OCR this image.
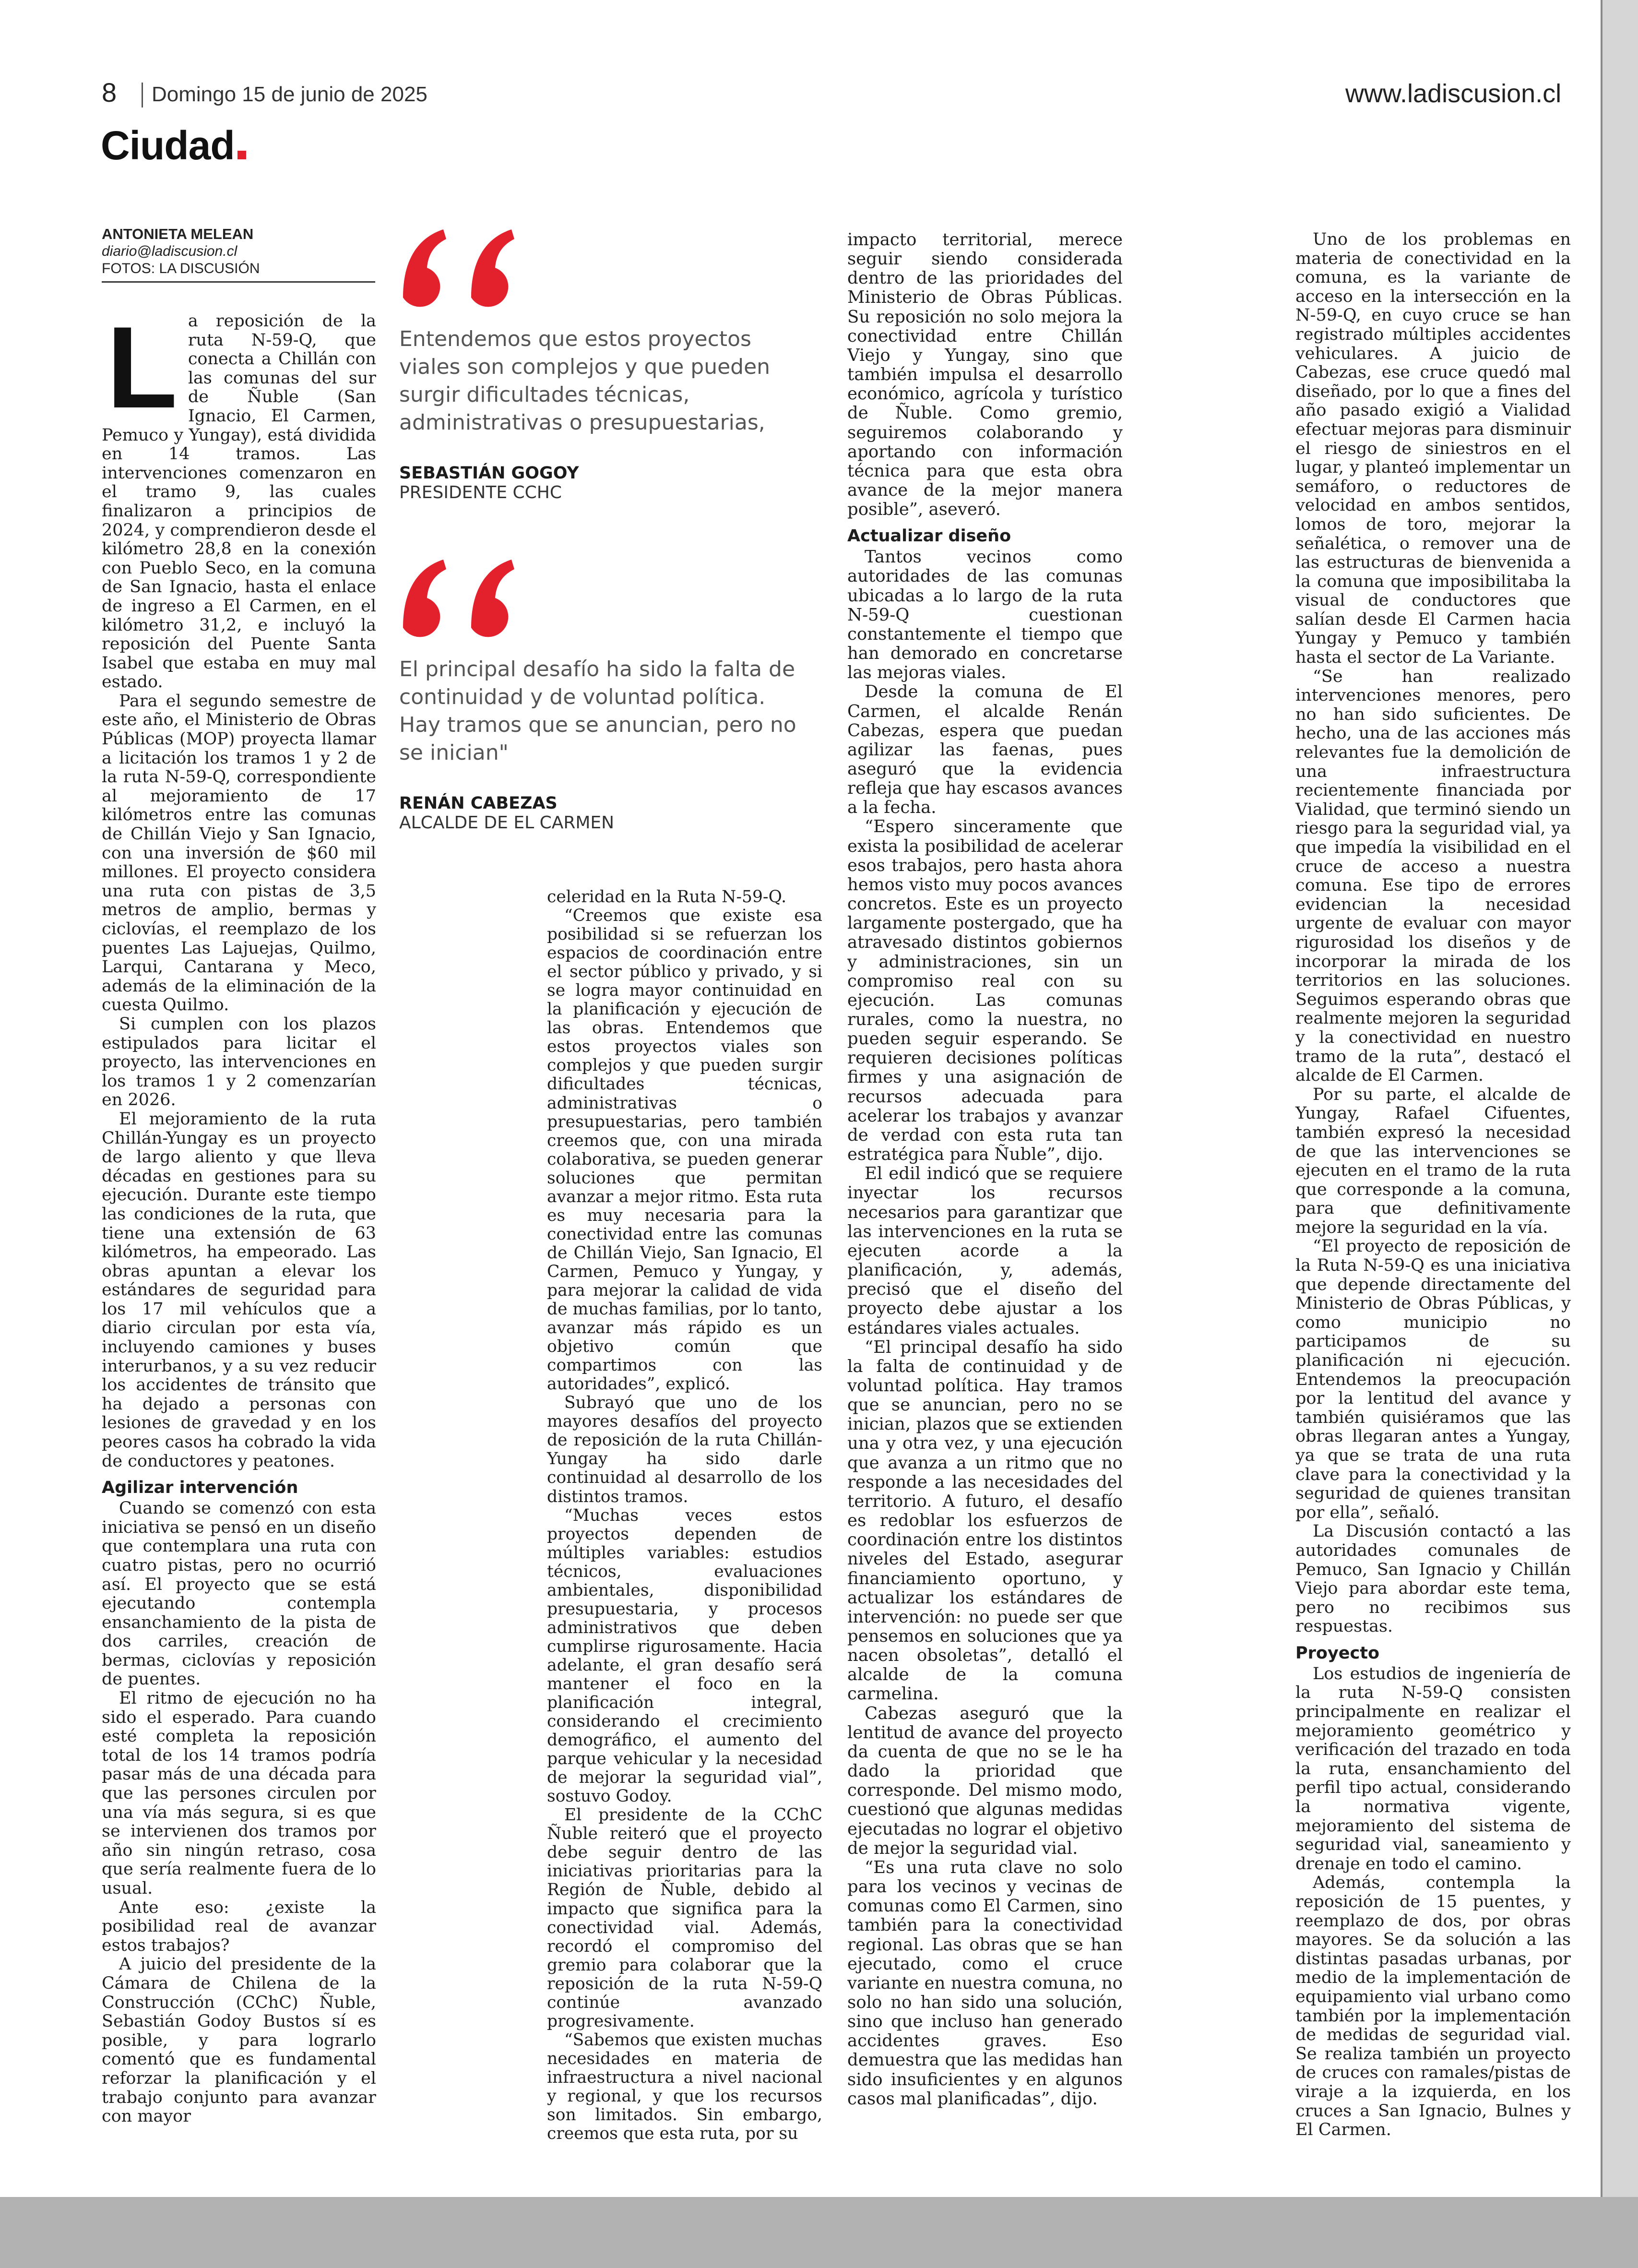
8 Domingo 15 de junio de 2025	www.ladiscusion.cl
Ciudad
ANTONIETA MELEAN
diario@ladiscusion.cl
FOTOS: LA DISCUSIÓN
L a reposición de la ruta N-59-Q, que conecta a Chillán con las comunas del sur de Ñuble (San Ignacio, El Carmen, Pemuco y Yungay), está dividida en 14 tramos. Las intervenciones comenzaron en el tramo 9, las cuales finalizaron a principios de 2024, y comprendieron desde el kilómetro 28,8 en la conexión con Pueblo Seco, en la comuna de San Ignacio, hasta el enlace de ingreso a El Carmen, en el kilómetro 31,2, e incluyó la reposición del Puente Santa Isabel que estaba en muy mal estado.

Para el segundo semestre de este año, el Ministerio de Obras Públicas (MOP) proyecta llamar a licitación los tramos 1 y 2 de la ruta N-59-Q, correspondiente al mejoramiento de 17 kilómetros entre las comunas de Chillán Viejo y San Ignacio, con una inversión de $60 mil millones. El proyecto considera una ruta con pistas de 3,5 metros de amplio, bermas y ciclovías, el reemplazo de los puentes Las Lajuejas, Quilmo, Larqui, Cantarana y Meco, además de la eliminación de la cuesta Quilmo.

Si cumplen con los plazos estipulados para licitar el proyecto, las intervenciones en los tramos 1 y 2 comenzarían en 2026.

El mejoramiento de la ruta Chillán-Yungay es un proyecto de largo aliento y que lleva décadas en gestiones para su ejecución. Durante este tiempo las condiciones de la ruta, que tiene una extensión de 63 kilómetros, ha empeorado. Las obras apuntan a elevar los estándares de seguridad para los 17 mil vehículos que a diario circulan por esta vía, incluyendo camiones y buses interurbanos, y a su vez reducir los accidentes de tránsito que ha dejado a personas con lesiones de gravedad y en los peores casos ha cobrado la vida de conductores y peatones.

Agilizar intervención

Cuando se comenzó con esta iniciativa se pensó en un diseño que contemplara una ruta con cuatro pistas, pero no ocurrió así. El proyecto que se está ejecutando contempla ensanchamiento de la pista de dos carriles, creación de bermas, ciclovías y reposición de puentes.

El ritmo de ejecución no ha sido el esperado. Para cuando esté completa la reposición total de los 14 tramos podría pasar más de una década para que las persones circulen por una vía más segura, si es que se intervienen dos tramos por año sin ningún retraso, cosa que sería realmente fuera de lo usual.

Ante eso: ¿existe la posibilidad real de avanzar estos trabajos?

A juicio del presidente de la Cámara de Chilena de la Construcción (CChC) Ñuble, Sebastián Godoy Bustos sí es posible, y para lograrlo comentó que es fundamental reforzar la planificación y el trabajo conjunto para avanzar con mayor

Entendemos que estos proyectos viales son complejos y que pueden surgir dificultades técnicas, administrativas o presupuestarias,
SEBASTIÁN GOGOY
PRESIDENTE CCHC
El principal desafío ha sido la falta de continuidad y de voluntad política. Hay tramos que se anuncian, pero no se inician"
RENÁN CABEZAS
ALCALDE DE EL CARMEN

celeridad en la Ruta N-59-Q.

“Creemos que existe esa posibilidad si se refuerzan los espacios de coordinación entre el sector público y privado, y si se logra mayor continuidad en la planificación y ejecución de las obras. Entendemos que estos proyectos viales son complejos y que pueden surgir dificultades técnicas, administrativas o presupuestarias, pero también creemos que, con una mirada colaborativa, se pueden generar soluciones que permitan avanzar a mejor ritmo. Esta ruta es muy necesaria para la conectividad entre las comunas de Chillán Viejo, San Ignacio, El Carmen, Pemuco y Yungay, y para mejorar la calidad de vida de muchas familias, por lo tanto, avanzar más rápido es un objetivo común que compartimos con las autoridades”, explicó.

Subrayó que uno de los mayores desafíos del proyecto de reposición de la ruta Chillán-Yungay ha sido darle continuidad al desarrollo de los distintos tramos.

“Muchas veces estos proyectos dependen de múltiples variables: estudios técnicos, evaluaciones ambientales, disponibilidad presupuestaria, y procesos administrativos que deben cumplirse rigurosamente. Hacia adelante, el gran desafío será mantener el foco en la planificación integral, considerando el crecimiento demográfico, el aumento del parque vehicular y la necesidad de mejorar la seguridad vial”, sostuvo Godoy.

El presidente de la CChC Ñuble reiteró que el proyecto debe seguir dentro de las iniciativas prioritarias para la Región de Ñuble, debido al impacto que significa para la conectividad vial. Además, recordó el compromiso del gremio para colaborar que la reposición de la ruta N-59-Q continúe avanzado progresivamente.

“Sabemos que existen muchas necesidades en materia de infraestructura a nivel nacional y regional, y que los recursos son limitados. Sin embargo, creemos que esta ruta, por su

impacto territorial, merece seguir siendo considerada dentro de las prioridades del Ministerio de Obras Públicas. Su reposición no solo mejora la conectividad entre Chillán Viejo y Yungay, sino que también impulsa el desarrollo económico, agrícola y turístico de Ñuble. Como gremio, seguiremos colaborando y aportando con información técnica para que esta obra avance de la mejor manera posible”, aseveró.

Actualizar diseño

Tantos vecinos como autoridades de las comunas ubicadas a lo largo de la ruta N-59-Q cuestionan constantemente el tiempo que han demorado en concretarse las mejoras viales.

Desde la comuna de El Carmen, el alcalde Renán Cabezas, espera que puedan agilizar las faenas, pues aseguró que la evidencia refleja que hay escasos avances a la fecha.

“Espero sinceramente que exista la posibilidad de acelerar esos trabajos, pero hasta ahora hemos visto muy pocos avances concretos. Este es un proyecto largamente postergado, que ha atravesado distintos gobiernos y administraciones, sin un compromiso real con su ejecución. Las comunas rurales, como la nuestra, no pueden seguir esperando. Se requieren decisiones políticas firmes y una asignación de recursos adecuada para acelerar los trabajos y avanzar de verdad con esta ruta tan estratégica para Ñuble”, dijo.

El edil indicó que se requiere inyectar los recursos necesarios para garantizar que las intervenciones en la ruta se ejecuten acorde a la planificación, y, además, precisó que el diseño del proyecto debe ajustar a los estándares viales actuales.

“El principal desafío ha sido la falta de continuidad y de voluntad política. Hay tramos que se anuncian, pero no se inician, plazos que se extienden una y otra vez, y una ejecución que avanza a un ritmo que no responde a las necesidades del territorio. A futuro, el desafío es redoblar los esfuerzos de coordinación entre los distintos niveles del Estado, asegurar financiamiento oportuno, y actualizar los estándares de intervención: no puede ser que pensemos en soluciones que ya nacen obsoletas”, detalló el alcalde de la comuna carmelina.

Cabezas aseguró que la lentitud de avance del proyecto da cuenta de que no se le ha dado la prioridad que corresponde. Del mismo modo, cuestionó que algunas medidas ejecutadas no lograr el objetivo de mejor la seguridad vial.

“Es una ruta clave no solo para los vecinos y vecinas de comunas como El Carmen, sino también para la conectividad regional. Las obras que se han ejecutado, como el cruce variante en nuestra comuna, no solo no han sido una solución, sino que incluso han generado accidentes graves. Eso demuestra que las medidas han sido insuficientes y en algunos casos mal planificadas”, dijo.

Uno de los problemas en materia de conectividad en la comuna, es la variante de acceso en la intersección en la N-59-Q, en cuyo cruce se han registrado múltiples accidentes vehiculares. A juicio de Cabezas, ese cruce quedó mal diseñado, por lo que a fines del año pasado exigió a Vialidad efectuar mejoras para disminuir el riesgo de siniestros en el lugar, y planteó implementar un semáforo, o reductores de velocidad en ambos sentidos, lomos de toro, mejorar la señalética, o remover una de las estructuras de bienvenida a la comuna que imposibilitaba la visual de conductores que salían desde El Carmen hacia Yungay y Pemuco y también hasta el sector de La Variante.

“Se han realizado intervenciones menores, pero no han sido suficientes. De hecho, una de las acciones más relevantes fue la demolición de una infraestructura recientemente financiada por Vialidad, que terminó siendo un riesgo para la seguridad vial, ya que impedía la visibilidad en el cruce de acceso a nuestra comuna. Ese tipo de errores evidencian la necesidad urgente de evaluar con mayor rigurosidad los diseños y de incorporar la mirada de los territorios en las soluciones. Seguimos esperando obras que realmente mejoren la seguridad y la conectividad en nuestro tramo de la ruta”, destacó el alcalde de El Carmen.

Por su parte, el alcalde de Yungay, Rafael Cifuentes, también expresó la necesidad de que las intervenciones se ejecuten en el tramo de la ruta que corresponde a la comuna, para que definitivamente mejore la seguridad en la vía.

“El proyecto de reposición de la Ruta N-59-Q es una iniciativa que depende directamente del Ministerio de Obras Públicas, y como municipio no participamos de su planificación ni ejecución. Entendemos la preocupación por la lentitud del avance y también quisiéramos que las obras llegaran antes a Yungay, ya que se trata de una ruta clave para la conectividad y la seguridad de quienes transitan por ella”, señaló.

La Discusión contactó a las autoridades comunales de Pemuco, San Ignacio y Chillán Viejo para abordar este tema, pero no recibimos sus respuestas.

Proyecto

Los estudios de ingeniería de la ruta N-59-Q consisten principalmente en realizar el mejoramiento geométrico y verificación del trazado en toda la ruta, ensanchamiento del perfil tipo actual, considerando la normativa vigente, mejoramiento del sistema de seguridad vial, saneamiento y drenaje en todo el camino.

Además, contempla la reposición de 15 puentes, y reemplazo de dos, por obras mayores. Se da solución a las distintas pasadas urbanas, por medio de la implementación de equipamiento vial urbano como también por la implementación de medidas de seguridad vial. Se realiza también un proyecto de cruces con ramales/pistas de viraje a la izquierda, en los cruces a San Ignacio, Bulnes y El Carmen.
